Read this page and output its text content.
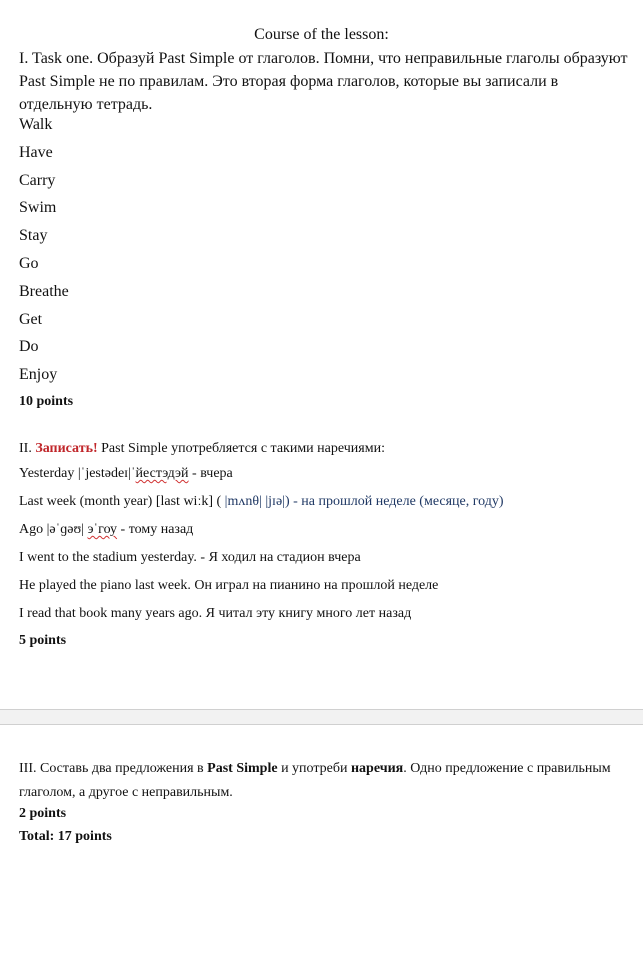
Course of the lesson:
I. Task one. Образуй Past Simple от глаголов. Помни, что неправильные глаголы образуют Past Simple не по правилам. Это вторая форма глаголов, которые вы записали в отдельную тетрадь.
Walk
Have
Carry
Swim
Stay
Go
Breathe
Get
Do
Enjoy
10 points
II. Записать! Past Simple употребляется с такими наречиями:
Yesterday |ˈjestədeɪ|ˈйестэдэй - вчера
Last week (month year) [last wiːk] ( |mʌnθ| |jɪə|) - на прошлой неделе (месяце, году)
Ago |əˈɡəʊ| эˈгоу - тому назад
I went to the stadium yesterday. - Я ходил на стадион вчера
He played the piano last week. Он играл на пианино на прошлой неделе
I read that book many years ago. Я читал эту книгу много лет назад
5 points
III. Составь два предложения в Past Simple и употреби наречия. Одно предложение с правильным глаголом, а другое с неправильным.
2 points
Total: 17 points
